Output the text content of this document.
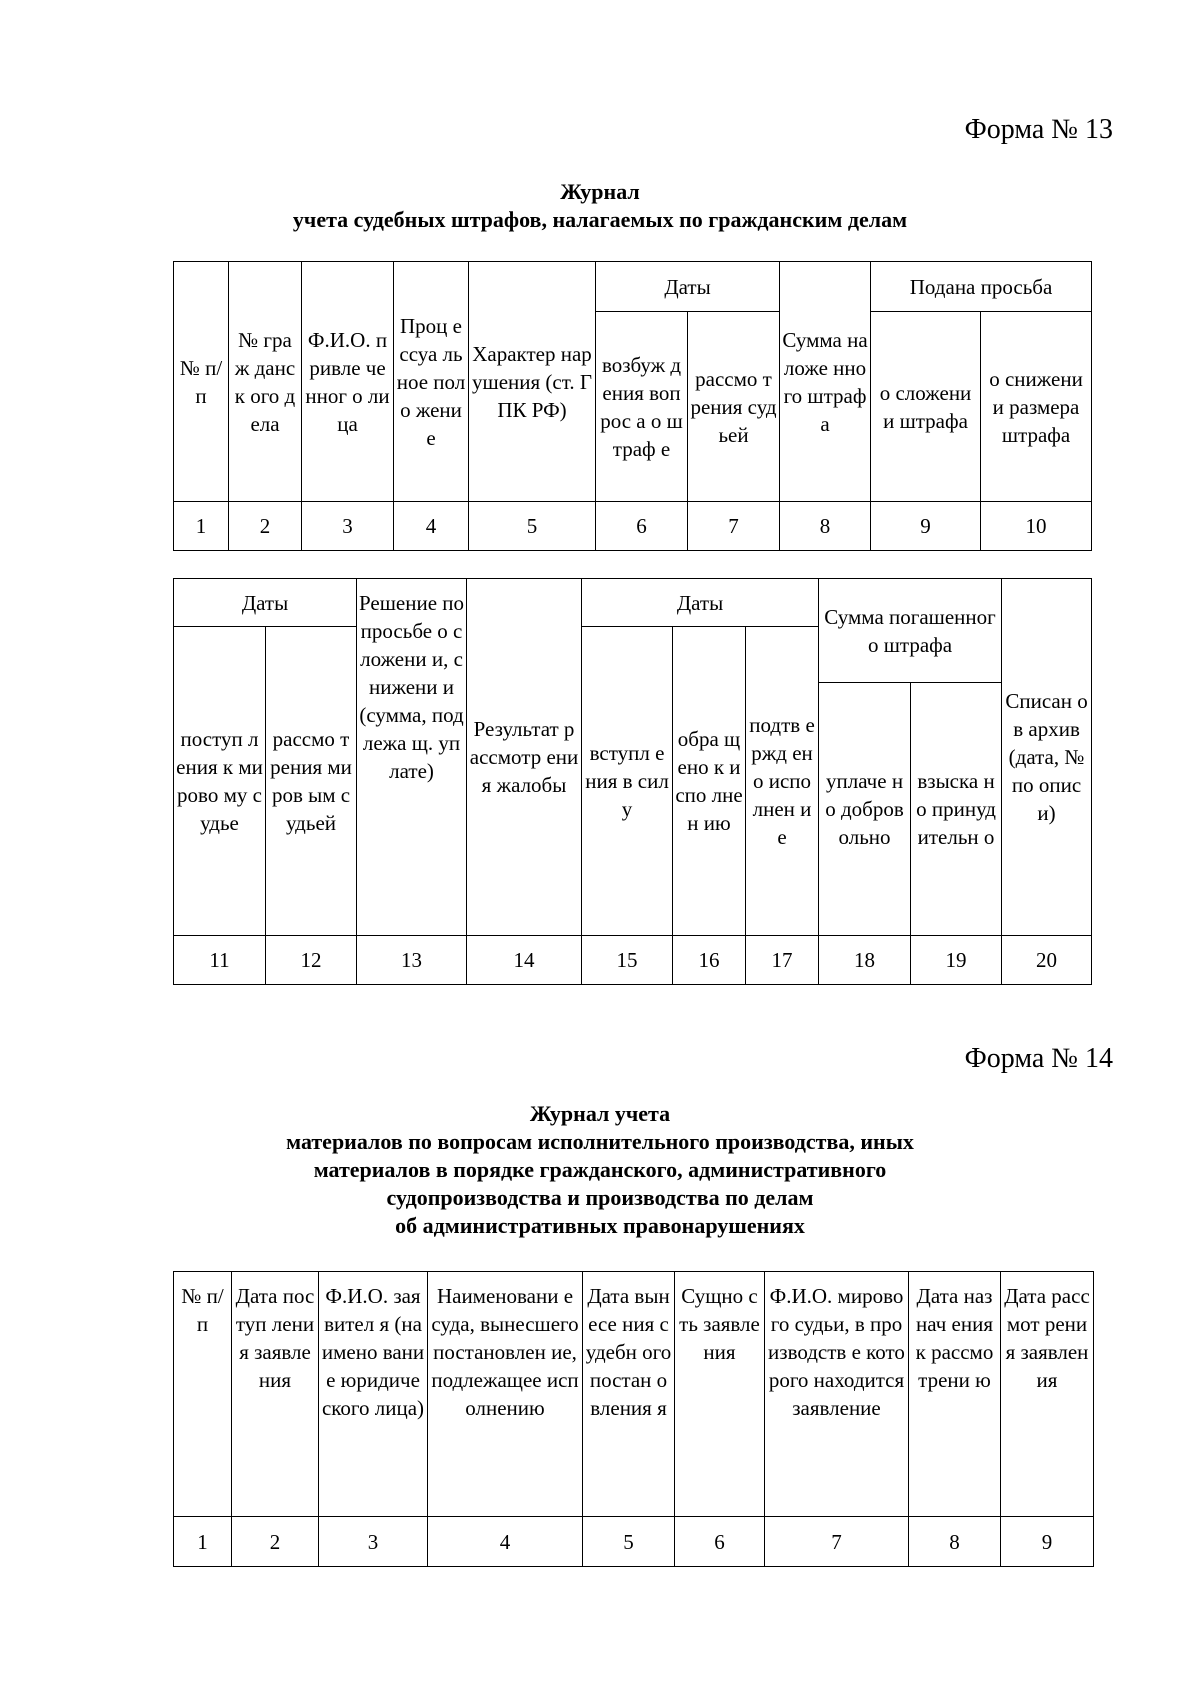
Форма № 13
Журнал
учета судебных штрафов, налагаемых по гражданским делам
№ п/п	№ граж данск ого дела	Ф.И.О. привле ченног о лица	Проц ессуа льное поло жени е	Характер нарушения (ст. ГПК РФ)	Даты		Сумма наложе нного штраф а	Подана просьба	
					возбуж дения вопрос а о штраф е	рассмо трения судьей		о сложени и штрафа	о снижени и размера штрафа
1	2	3	4	5	6	7	8	9	10
Даты		Решение по просьбе о сложени и, снижени и (сумма, подлежа щ. уплате)	Результат рассмотр ения жалобы	Даты			Сумма погашенного штрафа		Списан о в архив (дата, № по описи)
поступ ления к мирово му судье	рассмо трения миров ым судьей			вступл ения в силу	обра щено к испо лнен ию	подтв ержд ено испо лнен ие			
							уплаче но добров ольно	взыска но принуд ительн о	
11	12	13	14	15	16	17	18	19	20
Форма № 14
Журнал учета
материалов по вопросам исполнительного производства, иных
материалов в порядке гражданского, административного
судопроизводства и производства по делам
об административных правонарушениях
№ п/п	Дата поступ ления заявле ния	Ф.И.О. заявител я (наимено вание юридиче ского лица)	Наименовани е суда, вынесшего постановлен ие, подлежащее исполнению	Дата вынесе ния судебн ого постан овления я	Сущно сть заявле ния	Ф.И.О. мирового судьи, в производств е которого находится заявление	Дата назнач ения к рассмо трени ю	Дата рассмот рения заявлен ия
1	2	3	4	5	6	7	8	9
